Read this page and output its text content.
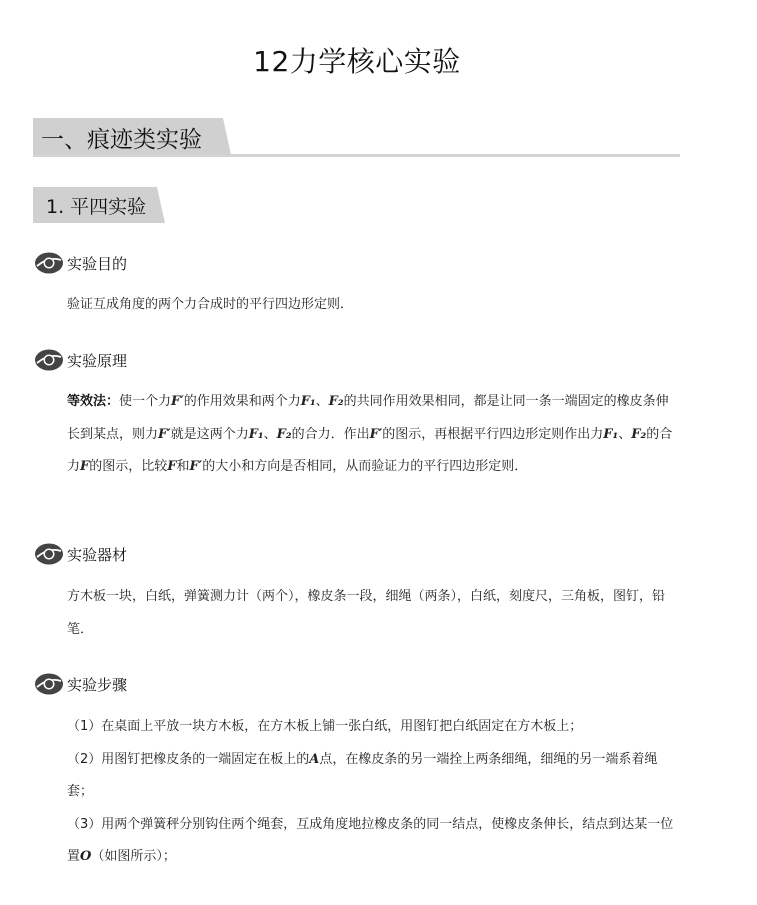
12力学核心实验
一、痕迹类实验
1. 平四实验
实验目的
验证互成角度的两个力合成时的平行四边形定则．
实验原理
等效法：使一个力F′的作用效果和两个力F₁、F₂的共同作用效果相同，都是让同一条一端固定的橡皮条伸长到某点，则力F′就是这两个力F₁、F₂的合力．作出F′的图示，再根据平行四边形定则作出力F₁、F₂的合力F的图示，比较F和F′的大小和方向是否相同，从而验证力的平行四边形定则．
实验器材
方木板一块，白纸，弹簧测力计（两个），橡皮条一段，细绳（两条），白纸，刻度尺，三角板，图钉，铅笔．
实验步骤
（1）在桌面上平放一块方木板，在方木板上铺一张白纸，用图钉把白纸固定在方木板上；
（2）用图钉把橡皮条的一端固定在板上的A点，在橡皮条的另一端拴上两条细绳，细绳的另一端系着绳套；
（3）用两个弹簧秤分别钩住两个绳套，互成角度地拉橡皮条的同一结点，使橡皮条伸长，结点到达某一位置O（如图所示）；
